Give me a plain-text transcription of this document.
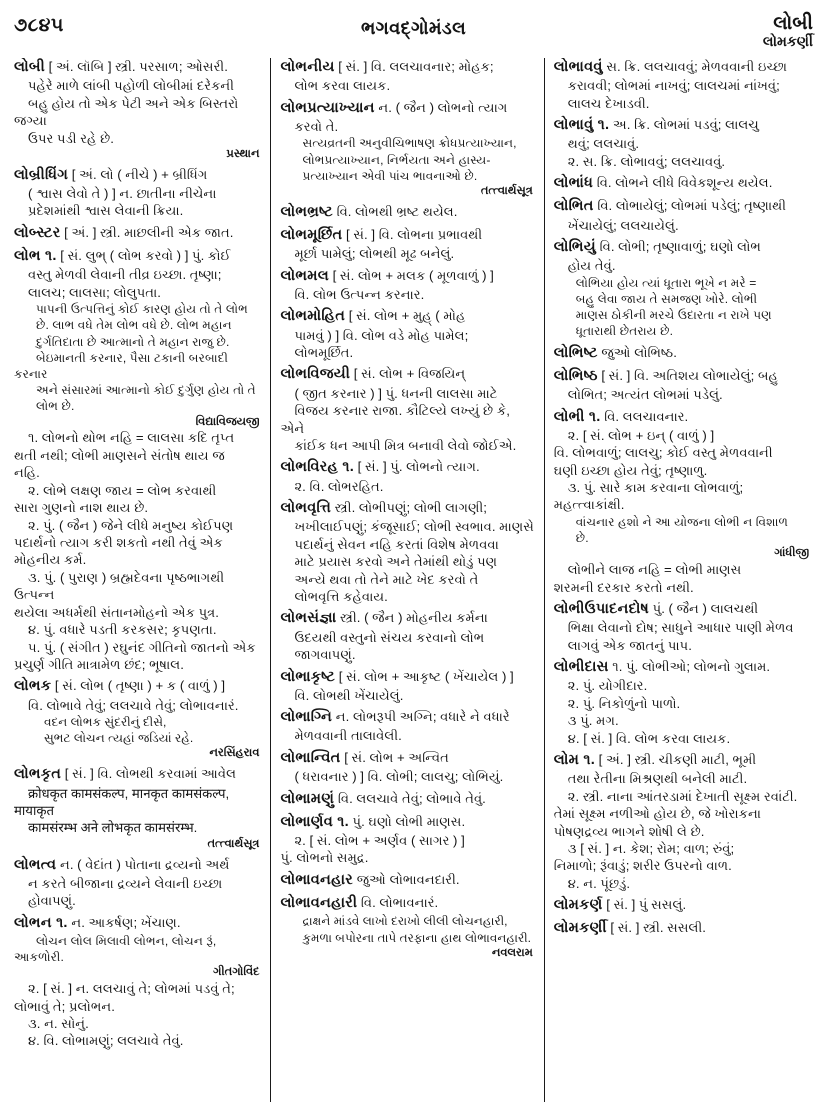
૭૮૪૫	ભગવદ્ગોમંડલ	લોબી
લોમકર્ણી
લોબી [ અં. લૉબિ ] સ્ત્રી. પરસાળ; ઓસરી.
પહેરે માળે લાંબી પહોળી લોબીમાં દરેકની
બહુ હોય તો એક પેટી અને એક બિસ્તરો જગ્યા
ઉપર પડી રહે છે.
પ્રસ્થાન
લોબ્રીધિંગ [ અં. લો ( નીચે ) + બ્રીધિંગ
( શ્વાસ લેવો તે ) ] ન. છાતીના નીચેના
પ્રદેશમાંથી શ્વાસ લેવાની ક્રિયા.
લોબ્સ્ટર [ અં. ] સ્ત્રી. માછલીની એક જાત.
લોભ ૧. [ સં. લુભ્ ( લોભ કરવો ) ] પું. કોઈ
વસ્તુ મેળવી લેવાની તીવ્ર ઇચ્છા. તૃષ્ણા;
લાલચ; લાલસા; લોલુપતા.
પાપની ઉત્પત્તિનું કોઈ કારણ હોય તો તે લોભ
છે. લાભ વધે તેમ લોભ વધે છે. લોભ મહાન
દુર્ગતિદાતા છે આત્માનો તે મહાન રાજુ છે.
બેઇમાનતી કરનાર, પૈસા ટકાની બરબાદી કરનાર
અને સંસારમાં આત્માનો કોઈ દુર્ગુણ હોય તો તે
લોભ છે.
વિદ્યાવિજયજી
૧. લોભનો થોભ નહિ = લાલસા કદિ તૃપ્ત
થતી નથી; લોભી માણસને સંતોષ થાય જ
નહિ.
૨. લોભે લક્ષણ જાય = લોભ કરવાથી
સારા ગુણનો નાશ થાય છે.
૨. પું. ( જૈન ) જેને લીધે મનુષ્ય કોઈપણ
પદાર્થનો ત્યાગ કરી શકતો નથી તેવું એક
મોહનીય કર્મ.
૩. પું. ( પુરાણ ) બ્રહ્મદેવના પૃષ્ઠભાગથી ઉત્પન્ન
થયેલા અધર્મથી સંતાનમોહનો એક પુત્ર.
૪. પું. વધારે પડતી કરકસર; કૃપણતા.
૫. પું. ( સંગીત ) રઘુનંદ ગીતિનો જાતનો એક
પ્રચુર્ણ ગીતિ માત્રામેળ છંદ; ભૂષાલ.
લોભક [ સં. લોભ ( તૃષ્ણા ) + ક ( વાળું ) ]
વિ. લોભાવે તેવું; લલચાવે તેવું; લોભાવનારં.
વદન લોભક સુંદરીનું દીસે,
સુભટ લોચન ત્યહાં જડિયાં રહે.
નરસિંહરાવ
લોભકૃત [ સં. ] વિ. લોભથી કરવામાં આવેલ
क्रोधकृत कामसंकल्प, मानकृत कामसंकल्प, मायाकृत
कामसंरम्भ अने लोभकृत कामसंरम्भ.
તત્ત્વાર્થસૂત્ર
લોભત્વ ન. ( વેદાંત ) પોતાના દ્રવ્યનો અર્થ
ન કરતે બીજાના દ્રવ્યને લેવાની ઇચ્છા
હોવાપણું.
લોભન ૧. ન. આકર્ષણ; ખેંચાણ.
લોચન લોલ મિલાવી લોભન, લોચન રૂં, આકળોરી.
ગીતગોવિંદ
૨. [ સં. ] ન. લલચાવું તે; લોભમાં પડવું તે;
લોભાવું તે; પ્રલોભન.
૩. ન. સોનું.
૪. વિ. લોભામણું; લલચાવે તેવું.
લોભનીય [ સં. ] વિ. લલચાવનાર; મોહક;
લોભ કરવા લાયક.
લોભપ્રત્યાખ્યાન ન. ( જૈન ) લોભનો ત્યાગ
કરવો તે.
સત્યવ્રતની અનુવીચિભાષણ ક્રોધપ્રત્યાખ્યાન,
લોભપ્રત્યાખ્યાન, નિર્ભયતા અને હાસ્ય-
પ્રત્યાખ્યાન એવી પાંચ ભાવનાઓ છે.
તત્ત્વાર્થસૂત્ર
લોભભ્રષ્ટ વિ. લોભથી ભ્રષ્ટ થયેલ.
લોભમૂર્છિત [ સં. ] વિ. લોભના પ્રભાવથી
મૂર્છા પામેલું; લોભથી મૂઢ બનેલું.
લોભમલ [ સં. લોભ + મલક ( મૂળવાળું ) ]
વિ. લોભ ઉત્પન્ન કરનાર.
લોભમોહિત [ સં. લોભ + મુહ્ ( મોહ
પામવું ) ] વિ. લોભ વડે મોહ પામેલ;
લોભમૂર્છિત.
લોભવિજયી [ સં. લોભ + વિજયિન્
( જીત કરનાર ) ] પું. ધનની લાલસા માટે
વિજય કરનાર રાજા. કૌટિલ્યે લખ્યું છે કે, એને
કાંઈક ધન આપી મિત્ર બનાવી લેવો જોઈએ.
લોભવિરહ ૧. [ સં. ] પું. લોભનો ત્યાગ.
૨. વિ. લોભરહિત.
લોભવૃત્તિ સ્ત્રી. લોભીપણું; લોભી લાગણી;
ખખીલાઈપણું; કંજૂસાઈ; લોભી સ્વભાવ. માણસે
પદાર્થનું સેવન નહિ કરતાં વિશેષ મેળવવા
માટે પ્રયાસ કરવો અને તેમાંથી થોડું પણ
અન્યે થવા તો તેને માટે ખેદ કરવો તે
લોભવૃત્તિ કહેવાય.
લોભસંજ્ઞા સ્ત્રી. ( જૈન ) મોહનીય કર્મના
ઉદયથી વસ્તુનો સંચય કરવાનો લોભ
જાગવાપણું.
લોભાકૃષ્ટ [ સં. લોભ + આકૃષ્ટ ( ખેંચાયેલ ) ]
વિ. લોભથી ખેંચાયેલું.
લોભાગ્નિ ન. લોભરૂપી અગ્નિ; વધારે ને વધારે
મેળવવાની તાલાવેલી.
લોભાન્વિત [ સં. લોભ + અન્વિત
( ધરાવનાર ) ] વિ. લોભી; લાલચુ; લોભિયું.
લોભામણું વિ. લલચાવે તેવું; લોભાવે તેવું.
લોભાર્ણવ ૧. પું. ઘણો લોભી માણસ.
૨. [ સં. લોભ + અર્ણવ ( સાગર ) ]
પું. લોભનો સમુદ્ર.
લોભાવનહાર જુઓ લોભાવનદારી.
લોભાવનહારી વિ. લોભાવનારં.
દ્રાક્ષને માંડવે લાખો દરાખો લીલી લોચનહારી,
કુમળા બપોરના તાપે તરફાના હાથ લોભાવનહારી.
નવલરામ
લોભાવવું સ. ક્રિ. લલચાવવું; મેળવવાની ઇચ્છા
કરાવવી; લોભમાં નાખવું; લાલચમાં નાંખવું;
લાલચ દેખાડવી.
લોભાવું ૧. અ. ક્રિ. લોભમાં પડવું; લાલચુ
થવું; લલચાવું.
૨. સ. ક્રિ. લોભાવવું; લલચાવવું.
લોભાંધ વિ. લોભને લીધે વિવેકશૂન્ય થયેલ.
લોભિત વિ. લોભાયેલું; લોભમાં પડેલું; તૃષ્ણાથી
ખેંચાયેલું; લલચાયેલું.
લોભિયું વિ. લોભી; તૃષ્ણાવાળું; ઘણો લોભ
હોય તેવું.
લોભિયા હોય ત્યાં ધૂતારા ભૂખે ન મરે =
બહુ લેવા જાય તે સમજણ ખોરે. લોભી
માણસ ઠોકીની મરચે ઉદારતા ન રાખે પણ
ધૂતારાથી છેતરાય છે.
લોભિષ્ટ જુઓ લોભિષ્ઠ.
લોભિષ્ઠ [ સં. ] વિ. અતિશય લોભાયેલું; બહુ
લોભિત; અત્યંત લોભમાં પડેલું.
લોભી ૧. વિ. લલચાવનાર.
૨. [ સં. લોભ + ઇન્ ( વાળું ) ]
વિ. લોભવાળું; લાલચુ; કોઈ વસ્તુ મેળવવાની
ઘણી ઇચ્છા હોય તેવું; તૃષ્ણાળુ.
૩. પું. સારે કામ કરવાના લોભવાળું;
મહત્ત્વાકાંક્ષી.
વાંચનાર હશો ને આ યોજના લોભી ન વિશાળ
છે.
ગાંધીજી
લોભીને લાજ નહિ = લોભી માણસ
શરમની દરકાર કરતો નથી.
લોભીઉપાદનદોષ પું. ( જૈન ) લાલચથી
ભિક્ષા લેવાનો દોષ; સાધુને આધાર પાણી મેળવ
લાગવું એક જાતનું પાપ.
લોભીદાસ ૧. પું. લોભીઓ; લોભનો ગુલામ.
૨. પું. યોગીદાર.
૨. પું. નિકોળુંનો પાળો.
૩ પું. મગ.
૪. [ સં. ] વિ. લોભ કરવા લાયક.
લોમ ૧. [ અં. ] સ્ત્રી. ચીકણી માટી, ભૂમી
તથા રેતીના મિશ્રણથી બનેલી માટી.
૨. સ્ત્રી. નાના આંતરડામાં દેખાતી સૂક્ષ્મ રવાંટી.
તેમાં સૂક્ષ્મ નળીઓ હોય છે, જે ખોરાકના
પોષણદ્રવ્ય ભાગને શોષી લે છે.
૩ [ સં. ] ન. કેશ; રોમ; વાળ; રુંવું;
નિમાળો; રૂંવાડું; શરીર ઉપરનો વાળ.
૪. ન. પૂંછડું.
લોમકર્ણ [ સં. ] પું સસલું.
લોમકર્ણી [ સં. ] સ્ત્રી. સસલી.
